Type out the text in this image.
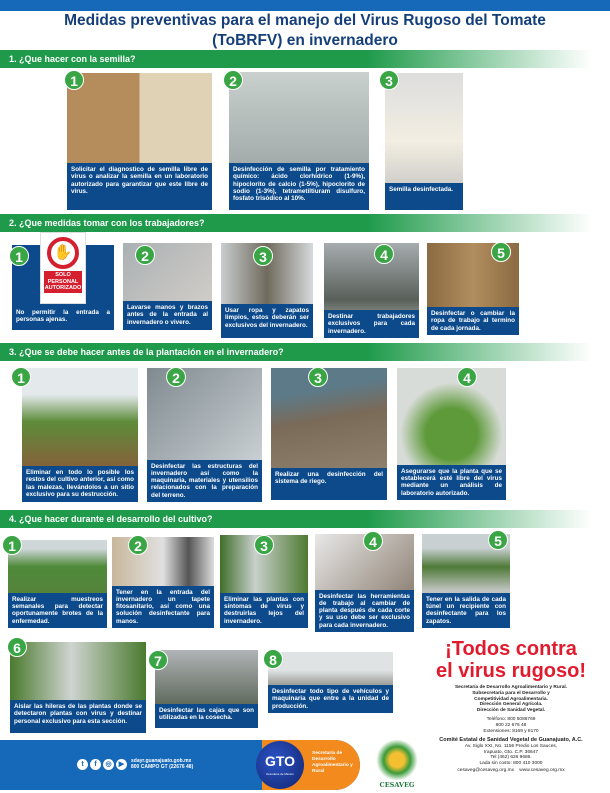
Medidas preventivas para el manejo del Virus Rugoso del Tomate
(ToBRFV) en invernadero
1. ¿Que hacer con la semilla?
Solicitar el diagnostico de semilla libre de virus o analizar la semilla en un laboratorio autorizado para garantizar que este libre de virus.
1
Desinfección de semilla por tratamiento químico: ácido clorhídrico (1-9%), hipoclorito de calcio (1-5%), hipoclorito de sodio (1-3%), tetrametiltiuram disulfuro, fosfato trisódico al 10%.
2
Semilla desinfectada.
3
2. ¿Que medidas tomar con los trabajadores?
No permitir la entrada a personas ajenas.
✋
SOLO PERSONAL AUTORIZADO
1
Lavarse manos y brazos antes de la entrada al invernadero o vivero.
2
Usar ropa y zapatos limpios, estos deberán ser exclusivos del invernadero.
3
Destinar trabajadores exclusivos para cada invernadero.
4
Desinfectar o cambiar la ropa de trabajo al termino de cada jornada.
5
3. ¿Que se debe hacer antes de la plantación en el invernadero?
Eliminar en todo lo posible los restos del cultivo anterior, así como las malezas, llevándolos a un sitio exclusivo para su destrucción.
1
Desinfectar las estructuras del invernadero así como la maquinaria, materiales y utensilios relacionados con la preparación del terreno.
2
Realizar una desinfección del sistema de riego.
3
Asegurarse que la planta que se establecerá esté libre del virus mediante un análisis de laboratorio autorizado.
4
4. ¿Que hacer durante el desarrollo del cultivo?
Realizar muestreos semanales para detectar oportunamente brotes de la enfermedad.
1
Tener en la entrada del invernadero un tapete fitosanitario, así como una solución desinfectante para manos.
2
Eliminar las plantas con síntomas de virus y destruirlas lejos del invernadero.
3
Desinfectar las herramientas de trabajo al cambiar de planta después de cada corte y su uso debe ser exclusivo para cada invernadero.
4
Tener en la salida de cada túnel un recipiente con desinfectante para los zapatos.
5
Aislar las hileras de las plantas donde se detectaron plantas con virus y destinar personal exclusivo para esta sección.
6
Desinfectar las cajas que son utilizadas en la cosecha.
7
Desinfectar todo tipo de vehículos y maquinaria que entre a la unidad de producción.
8	¡Todos contra
el virus rugoso!
Secretaría de Desarrollo Agroalimentario y Rural.
Subsecretaría para el Desarrollo y
Competitividad Agroalimentaria.
Dirección General Agrícola.
Dirección de Sanidad Vegetal.
Teléfono: 800 5086769
800 22 676 48
Extensiones: 8169 y 8170
Comité Estatal de Sanidad Vegetal de Guanajuato, A.C.
Av. Siglo XXI, No. 1156 Predio Los Sauces,
Irapuato, Gto. C.P. 36647
Tel (462) 626 9686.
Lada sin costo: 800 410 3000
cesaveg@cesaveg.org.mx    www.cesaveg.org.mx
Secretaría de Desarrollo Agroalimentario y Rural
GTO
Grandeza de México
t	f	◎	▶	sdayr.guanajuato.gob.mx
800 CAMPO GT (22676 48)
CESAVEG
